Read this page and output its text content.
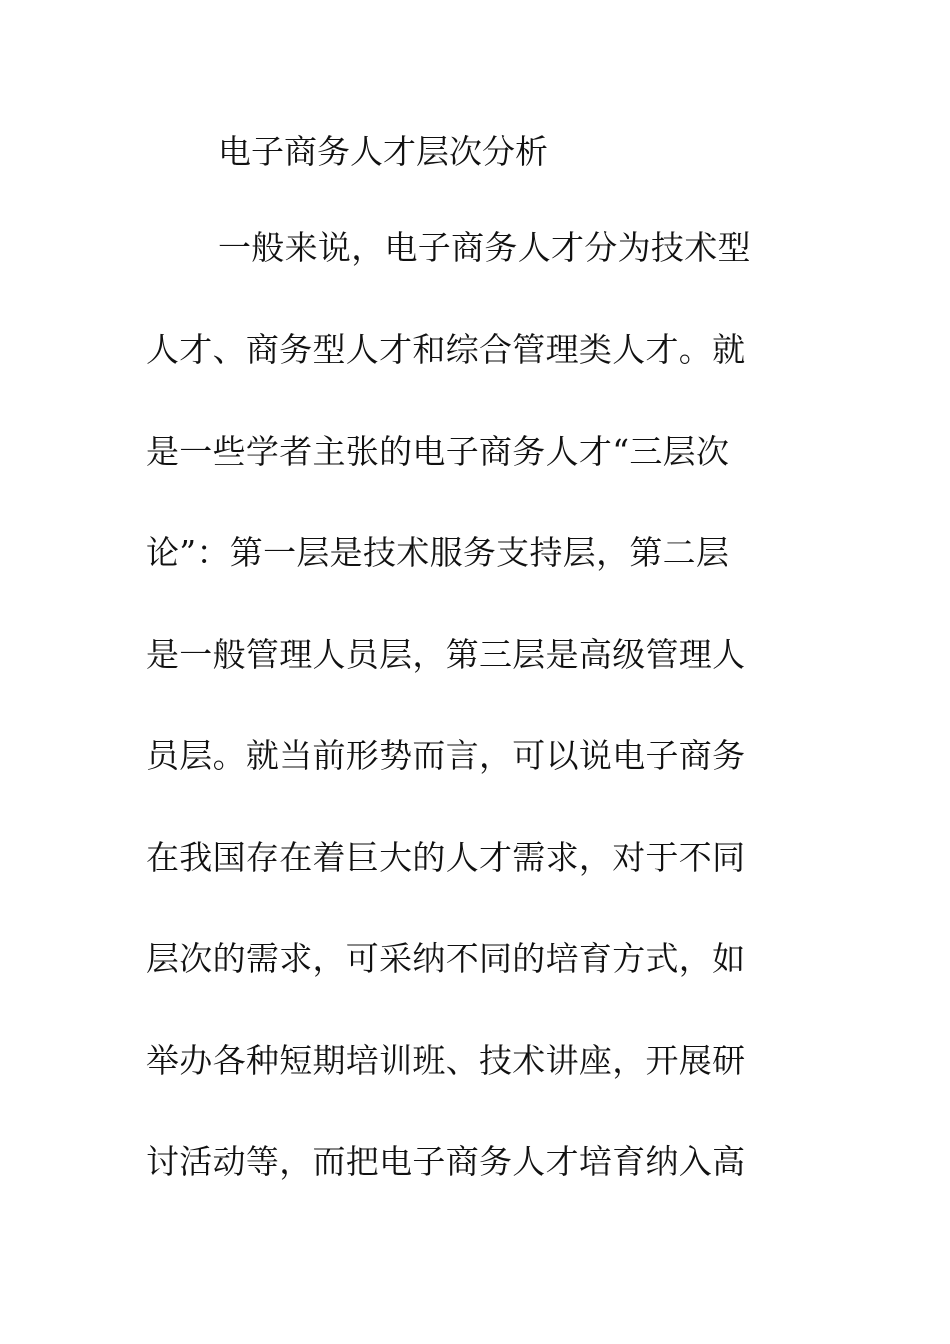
电子商务人才层次分析
一般来说，电子商务人才分为技术型
人才、商务型人才和综合管理类人才。就
是一些学者主张的电子商务人才“三层次
论”：第一层是技术服务支持层，第二层
是一般管理人员层，第三层是高级管理人
员层。就当前形势而言，可以说电子商务
在我国存在着巨大的人才需求，对于不同
层次的需求，可采纳不同的培育方式，如
举办各种短期培训班、技术讲座，开展研
讨活动等，而把电子商务人才培育纳入高
